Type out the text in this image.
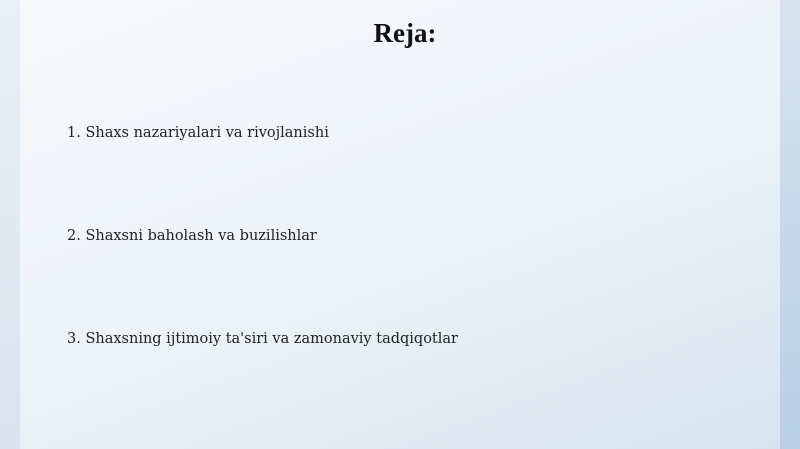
Reja:
1. Shaxs nazariyalari va rivojlanishi
2. Shaxsni baholash va buzilishlar
3. Shaxsning ijtimoiy ta'siri va zamonaviy tadqiqotlar
